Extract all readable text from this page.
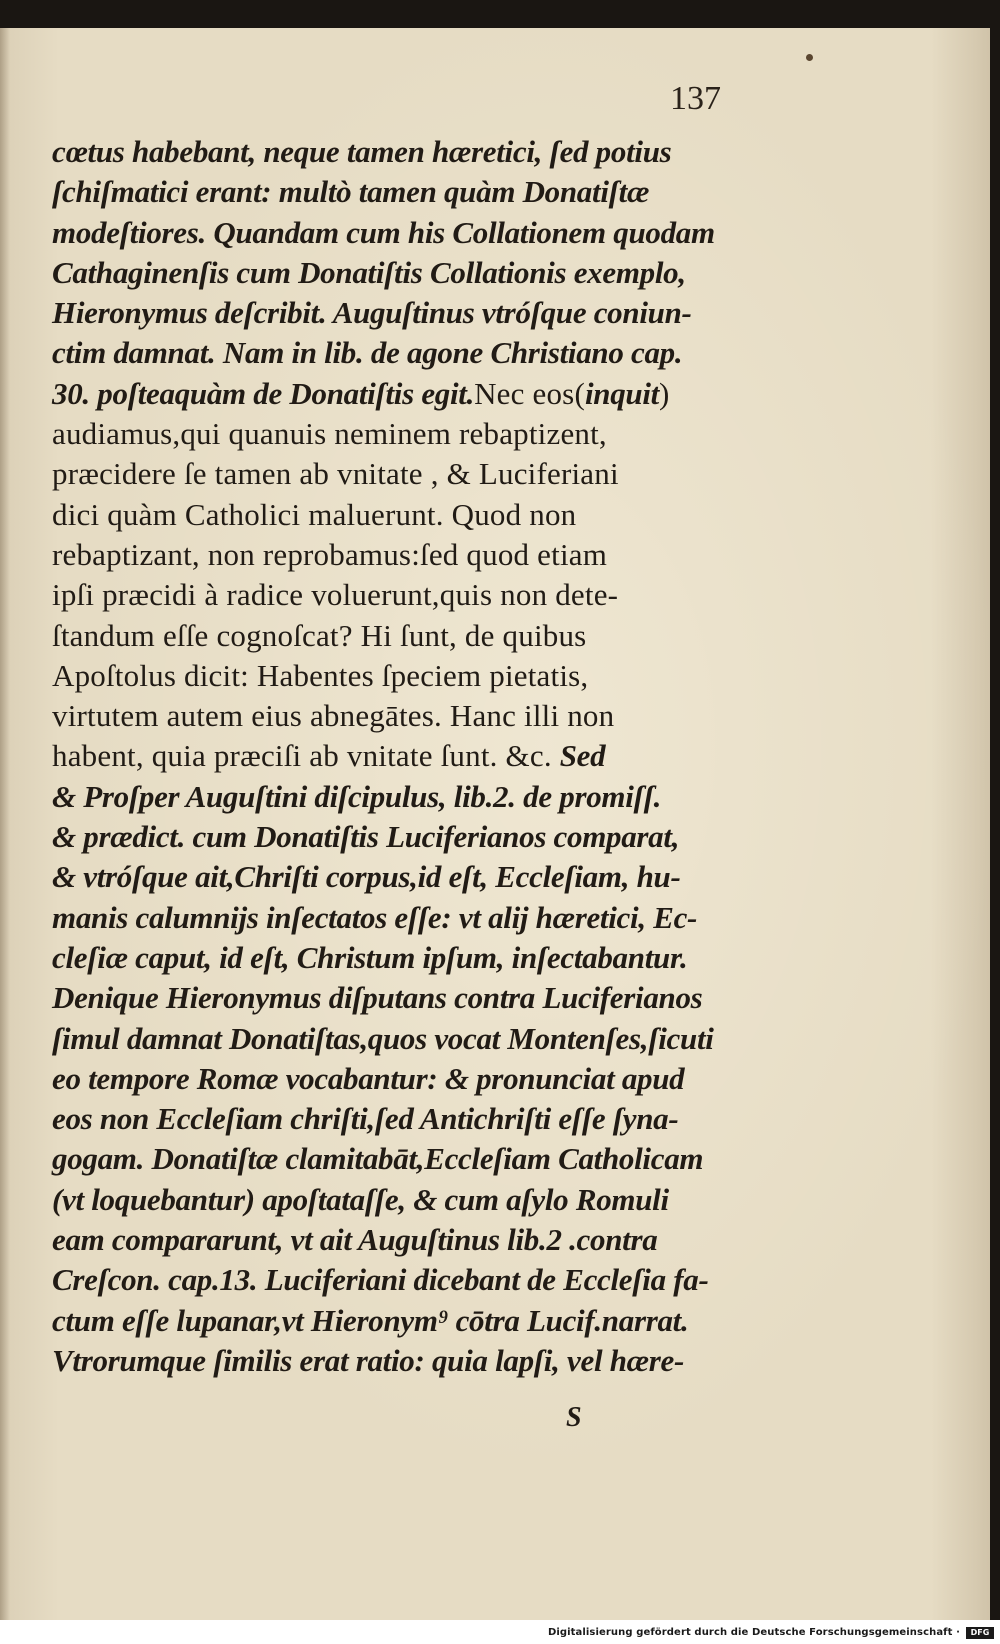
137
cœtus habebant, neque tamen hæretici, ſed potius
ſchiſmatici erant: multò tamen quàm Donatiſtæ
modeſtiores. Quandam cum his Collationem quodam
Cathaginenſis cum Donatiſtis Collationis exemplo,
Hieronymus deſcribit. Auguſtinus vtróſque coniun-
ctim damnat. Nam in lib. de agone Christiano cap.
30. poſteaquàm de Donatiſtis egit.Nec eos(inquit)
audiamus,qui quanuis neminem rebaptizent,
præcidere ſe tamen ab vnitate , & Luciferiani
dici quàm Catholici maluerunt. Quod non
rebaptizant, non reprobamus:ſed quod etiam
ipſi præcidi à radice voluerunt,quis non dete-
ſtandum eſſe cognoſcat? Hi ſunt, de quibus
Apoſtolus dicit: Habentes ſpeciem pietatis,
virtutem autem eius abnegātes. Hanc illi non
habent, quia præciſi ab vnitate ſunt. &c. Sed
& Proſper Auguſtini diſcipulus, lib.2. de promiſſ.
& prædict. cum Donatiſtis Luciferianos comparat,
& vtróſque ait,Chriſti corpus,id eſt, Eccleſiam, hu-
manis calumnijs inſectatos eſſe: vt alij hæretici, Ec-
cleſiæ caput, id eſt, Christum ipſum, inſectabantur.
Denique Hieronymus diſputans contra Luciferianos
ſimul damnat Donatiſtas,quos vocat Montenſes,ſicuti
eo tempore Romæ vocabantur: & pronunciat apud
eos non Eccleſiam chriſti,ſed Antichriſti eſſe ſyna-
gogam. Donatiſtæ clamitabāt,Eccleſiam Catholicam
(vt loquebantur) apoſtataſſe, & cum aſylo Romuli
eam compararunt, vt ait Auguſtinus lib.2 .contra
Creſcon. cap.13. Luciferiani dicebant de Eccleſia fa-
ctum eſſe lupanar,vt Hieronym⁹ cōtra Lucif.narrat.
Vtrorumque ſimilis erat ratio: quia lapſi, vel hære-
S
Digitalisierung gefördert durch die Deutsche Forschungsgemeinschaft ·	DFG
